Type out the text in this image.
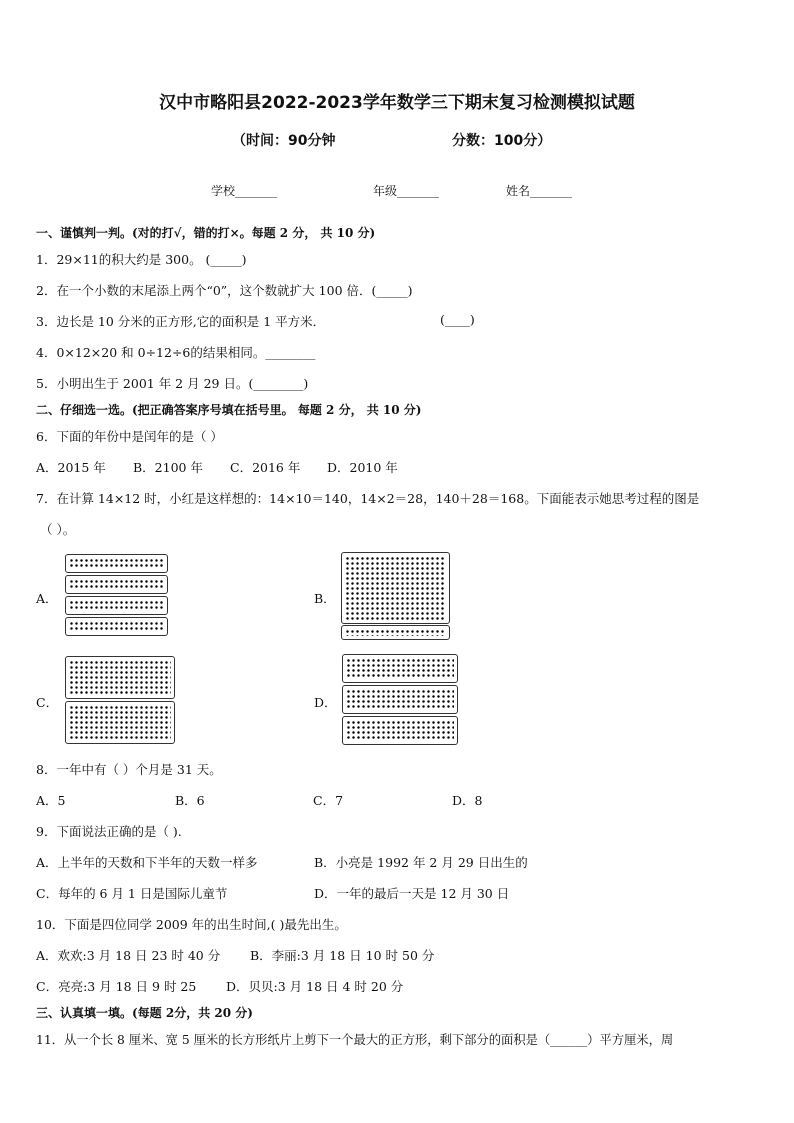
汉中市略阳县2022-2023学年数学三下期末复习检测模拟试题
（时间：90分钟	分数：100分）
学校_______	年级_______	姓名_______
一、谨慎判一判。(对的打√，错的打×。每题 2 分， 共 10 分)
1．29×11的积大约是 300。 (_____)
2．在一个小数的末尾添上两个“0”，这个数就扩大 100 倍．(_____)
3．边长是 10 分米的正方形,它的面积是 1 平方米．	(____)
4．0×12×20 和 0÷12÷6的结果相同。________
5．小明出生于 2001 年 2 月 29 日。(________)
二、仔细选一选。(把正确答案序号填在括号里。 每题 2 分， 共 10 分)
6．下面的年份中是闰年的是（ ）
A．2015 年 B．2100 年 C．2016 年 D．2010 年
7．在计算 14×12 时，小红是这样想的：14×10＝140，14×2＝28，140＋28＝168。下面能表示她思考过程的图是
（ ）。
A．	B．
C．	D．
8．一年中有（ ）个月是 31 天。
A．5	B．6	C．7	D．8
9．下面说法正确的是（ ).
A．上半年的天数和下半年的天数一样多	B．小亮是 1992 年 2 月 29 日出生的
C．每年的 6 月 1 日是国际儿童节	D．一年的最后一天是 12 月 30 日
10．下面是四位同学 2009 年的出生时间,( )最先出生。
A．欢欢:3 月 18 日 23 时 40 分 B．李丽:3 月 18 日 10 时 50 分
C．亮亮:3 月 18 日 9 时 25 D．贝贝:3 月 18 日 4 时 20 分
三、认真填一填。(每题 2分，共 20 分)
11．从一个长 8 厘米、宽 5 厘米的长方形纸片上剪下一个最大的正方形，剩下部分的面积是（______）平方厘米，周
